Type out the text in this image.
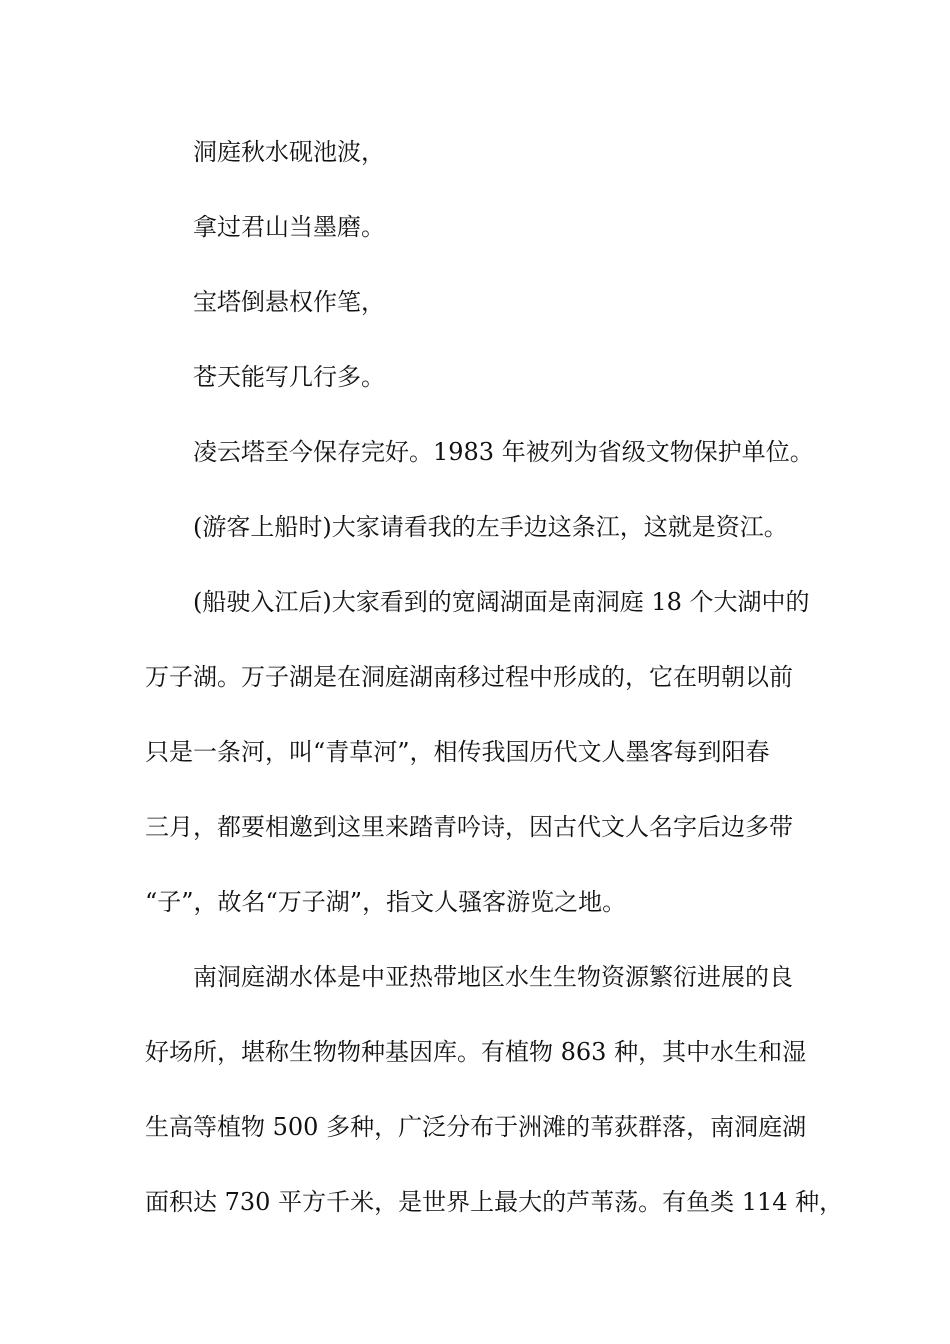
洞庭秋水砚池波，
拿过君山当墨磨。
宝塔倒悬权作笔，
苍天能写几行多。
凌云塔至今保存完好。1983 年被列为省级文物保护单位。
(游客上船时)大家请看我的左手边这条江，这就是资江。
(船驶入江后)大家看到的宽阔湖面是南洞庭 18 个大湖中的
万子湖。万子湖是在洞庭湖南移过程中形成的，它在明朝以前
只是一条河，叫“青草河”，相传我国历代文人墨客每到阳春
三月，都要相邀到这里来踏青吟诗，因古代文人名字后边多带
“子”，故名“万子湖”，指文人骚客游览之地。
南洞庭湖水体是中亚热带地区水生生物资源繁衍进展的良
好场所，堪称生物物种基因库。有植物 863 种，其中水生和湿
生高等植物 500 多种，广泛分布于洲滩的苇荻群落，南洞庭湖
面积达 730 平方千米，是世界上最大的芦苇荡。有鱼类 114 种，
